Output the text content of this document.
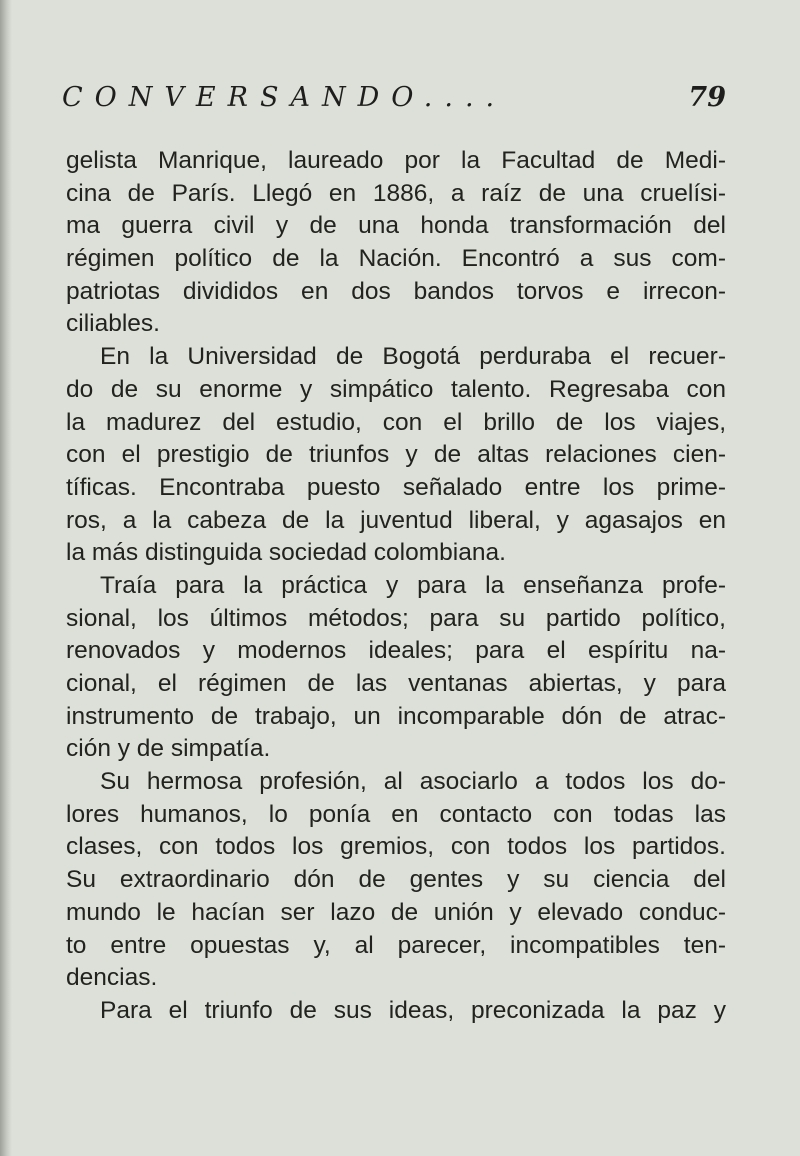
CONVERSANDO....	79
gelista Manrique, laureado por la Facultad de Medi-
cina de París. Llegó en 1886, a raíz de una cruelísi-
ma guerra civil y de una honda transformación del
régimen político de la Nación. Encontró a sus com-
patriotas divididos en dos bandos torvos e irrecon-
ciliables.
En la Universidad de Bogotá perduraba el recuer-
do de su enorme y simpático talento. Regresaba con
la madurez del estudio, con el brillo de los viajes,
con el prestigio de triunfos y de altas relaciones cien-
tíficas. Encontraba puesto señalado entre los prime-
ros, a la cabeza de la juventud liberal, y agasajos en
la más distinguida sociedad colombiana.
Traía para la práctica y para la enseñanza profe-
sional, los últimos métodos; para su partido político,
renovados y modernos ideales; para el espíritu na-
cional, el régimen de las ventanas abiertas, y para
instrumento de trabajo, un incomparable dón de atrac-
ción y de simpatía.
Su hermosa profesión, al asociarlo a todos los do-
lores humanos, lo ponía en contacto con todas las
clases, con todos los gremios, con todos los partidos.
Su extraordinario dón de gentes y su ciencia del
mundo le hacían ser lazo de unión y elevado conduc-
to entre opuestas y, al parecer, incompatibles ten-
dencias.
Para el triunfo de sus ideas, preconizada la paz y
